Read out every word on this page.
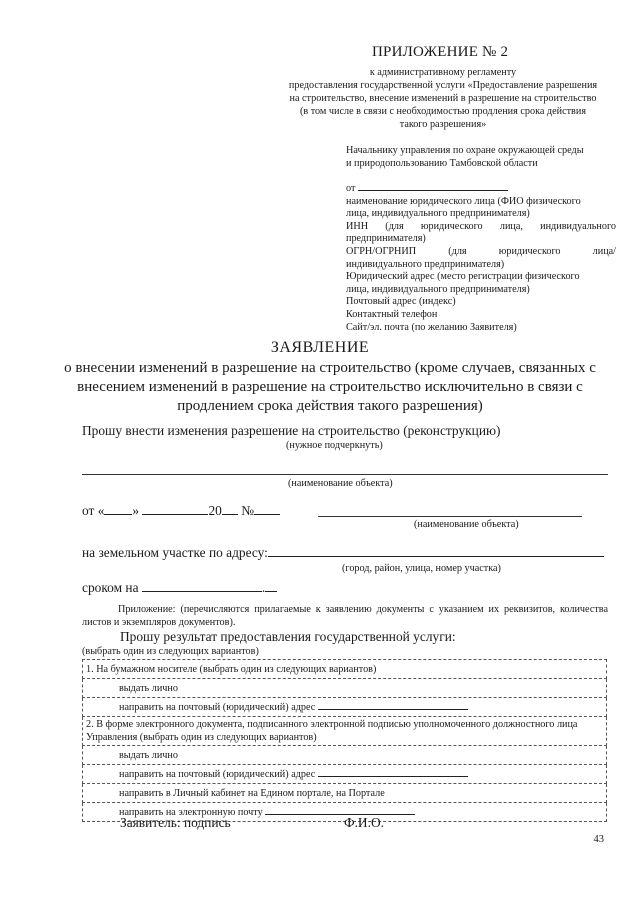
ПРИЛОЖЕНИЕ № 2
к административному регламенту
предоставления государственной услуги «Предоставление разрешения
на строительство, внесение изменений в разрешение на строительство
(в том числе в связи с необходимостью продления срока действия
такого разрешения»
Начальнику управления по охране окружающей среды
и природопользованию Тамбовской области
от
наименование юридического лица (ФИО физического
лица, индивидуального предпринимателя)
ИНН (для юридического лица, индивидуального
предпринимателя)
ОГРН/ОГРНИП (для юридического лица/
индивидуального предпринимателя)
Юридический адрес (место регистрации физического
лица, индивидуального предпринимателя)
Почтовый адрес (индекс)
Контактный телефон
Сайт/эл. почта (по желанию Заявителя)
ЗАЯВЛЕНИЕ
о внесении изменений в разрешение на строительство (кроме случаев, связанных с внесением изменений в разрешение на строительство исключительно в связи с продлением срока действия такого разрешения)
Прошу внести изменения разрешение на строительство (реконструкцию)
(нужное подчеркнуть)
(наименование объекта)
от « »	20 №
(наименование объекта)
на земельном участке по адресу:
(город, район, улица, номер участка)
сроком на	.
Приложение: (перечисляются прилагаемые к заявлению документы с указанием их реквизитов, количества листов и экземпляров документов).
Прошу результат предоставления государственной услуги:
(выбрать один из следующих вариантов)
1. На бумажном носителе (выбрать один из следующих вариантов)
выдать лично
направить на почтовый (юридический) адрес
2. В форме электронного документа, подписанного электронной подписью уполномоченного должностного лица Управления (выбрать один из следующих вариантов)
выдать лично
направить на почтовый (юридический) адрес
направить в Личный кабинет на Едином портале, на Портале
направить на электронную почту
Заявитель: подпись	Ф.И.О.
43
